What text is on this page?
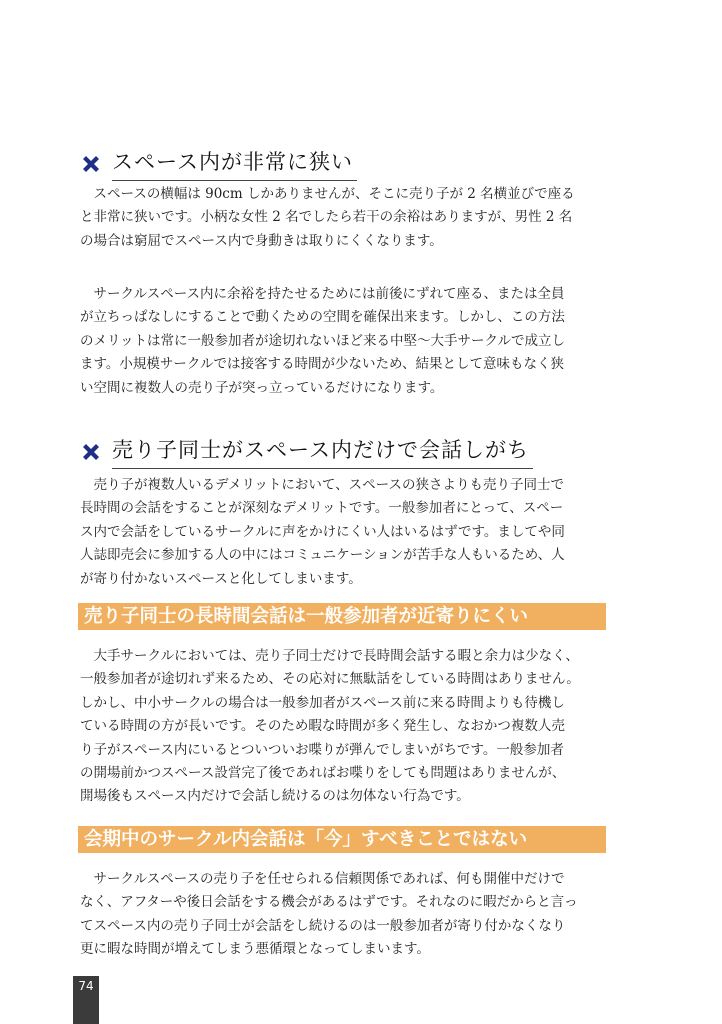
スペース内が非常に狭い

　スペースの横幅は 90cm しかありませんが、そこに売り子が 2 名横並びで座る
と非常に狭いです。小柄な女性 2 名でしたら若干の余裕はありますが、男性 2 名
の場合は窮屈でスペース内で身動きは取りにくくなります。

　サークルスペース内に余裕を持たせるためには前後にずれて座る、または全員
が立ちっぱなしにすることで動くための空間を確保出来ます。しかし、この方法
のメリットは常に一般参加者が途切れないほど来る中堅〜大手サークルで成立し
ます。小規模サークルでは接客する時間が少ないため、結果として意味もなく狭
い空間に複数人の売り子が突っ立っているだけになります。

売り子同士がスペース内だけで会話しがち

　売り子が複数人いるデメリットにおいて、スペースの狭さよりも売り子同士で
長時間の会話をすることが深刻なデメリットです。一般参加者にとって、スペー
ス内で会話をしているサークルに声をかけにくい人はいるはずです。ましてや同
人誌即売会に参加する人の中にはコミュニケーションが苦手な人もいるため、人
が寄り付かないスペースと化してしまいます。

売り子同士の長時間会話は一般参加者が近寄りにくい

　大手サークルにおいては、売り子同士だけで長時間会話する暇と余力は少なく、
一般参加者が途切れず来るため、その応対に無駄話をしている時間はありません。
しかし、中小サークルの場合は一般参加者がスペース前に来る時間よりも待機し
ている時間の方が長いです。そのため暇な時間が多く発生し、なおかつ複数人売
り子がスペース内にいるとついついお喋りが弾んでしまいがちです。一般参加者
の開場前かつスペース設営完了後であればお喋りをしても問題はありませんが、
開場後もスペース内だけで会話し続けるのは勿体ない行為です。

会期中のサークル内会話は「今」すべきことではない

　サークルスペースの売り子を任せられる信頼関係であれば、何も開催中だけで
なく、アフターや後日会話をする機会があるはずです。それなのに暇だからと言っ
てスペース内の売り子同士が会話をし続けるのは一般参加者が寄り付かなくなり
更に暇な時間が増えてしまう悪循環となってしまいます。

74
